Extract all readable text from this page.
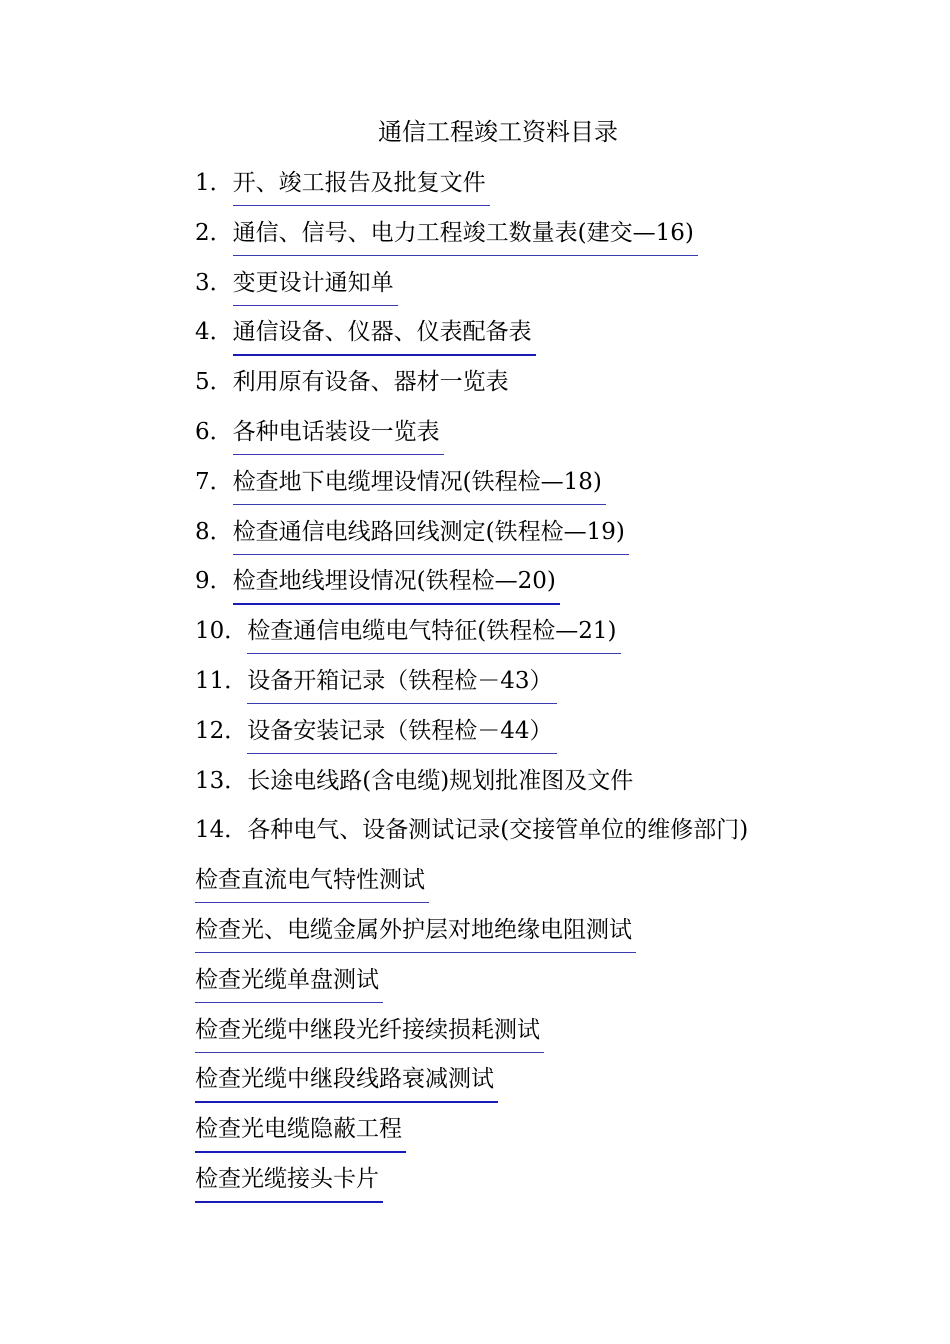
通信工程竣工资料目录
1．开、竣工报告及批复文件
2．通信、信号、电力工程竣工数量表(建交—16)
3．变更设计通知单
4．通信设备、仪器、仪表配备表
5．利用原有设备、器材一览表
6．各种电话装设一览表
7．检查地下电缆埋设情况(铁程检—18)
8．检查通信电线路回线测定(铁程检—19)
9．检查地线埋设情况(铁程检—20)
10．检查通信电缆电气特征(铁程检—21)
11．设备开箱记录（铁程检－43）
12．设备安装记录（铁程检－44）
13．长途电线路(含电缆)规划批准图及文件
14．各种电气、设备测试记录(交接管单位的维修部门)
检查直流电气特性测试
检查光、电缆金属外护层对地绝缘电阻测试
检查光缆单盘测试
检查光缆中继段光纤接续损耗测试
检查光缆中继段线路衰减测试
检查光电缆隐蔽工程
检查光缆接头卡片
